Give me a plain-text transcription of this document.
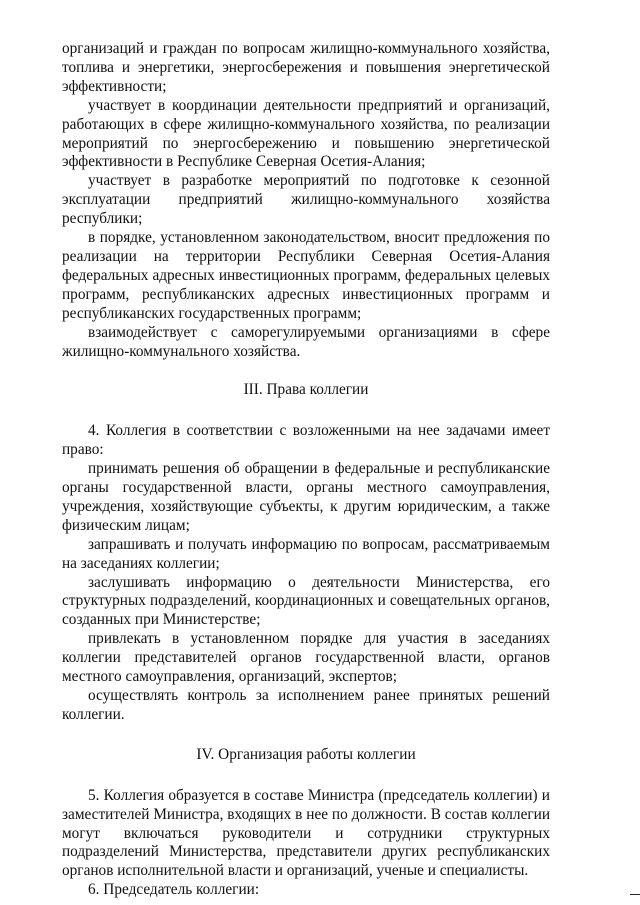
организаций и граждан по вопросам жилищно-коммунального хозяйства, топлива и энергетики, энергосбережения и повышения энергетической эффективности;

участвует в координации деятельности предприятий и организаций, работающих в сфере жилищно-коммунального хозяйства, по реализации мероприятий по энергосбережению и повышению энергетической эффективности в Республике Северная Осетия-Алания;

участвует в разработке мероприятий по подготовке к сезонной эксплуатации предприятий жилищно-коммунального хозяйства республики;

в порядке, установленном законодательством, вносит предложения по реализации на территории Республики Северная Осетия-Алания федеральных адресных инвестиционных программ, федеральных целевых программ, республиканских адресных инвестиционных программ и республиканских государственных программ;

взаимодействует с саморегулируемыми организациями в сфере жилищно-коммунального хозяйства.

III. Права коллегии

4. Коллегия в соответствии с возложенными на нее задачами имеет право:

принимать решения об обращении в федеральные и республиканские органы государственной власти, органы местного самоуправления, учреждения, хозяйствующие субъекты, к другим юридическим, а также физическим лицам;

запрашивать и получать информацию по вопросам, рассматриваемым на заседаниях коллегии;

заслушивать информацию о деятельности Министерства, его структурных подразделений, координационных и совещательных органов, созданных при Министерстве;

привлекать в установленном порядке для участия в заседаниях коллегии представителей органов государственной власти, органов местного самоуправления, организаций, экспертов;

осуществлять контроль за исполнением ранее принятых решений коллегии.

IV. Организация работы коллегии

5. Коллегия образуется в составе Министра (председатель коллегии) и заместителей Министра, входящих в нее по должности. В состав коллегии могут включаться руководители и сотрудники структурных подразделений Министерства, представители других республиканских органов исполнительной власти и организаций, ученые и специалисты.

6. Председатель коллегии:
